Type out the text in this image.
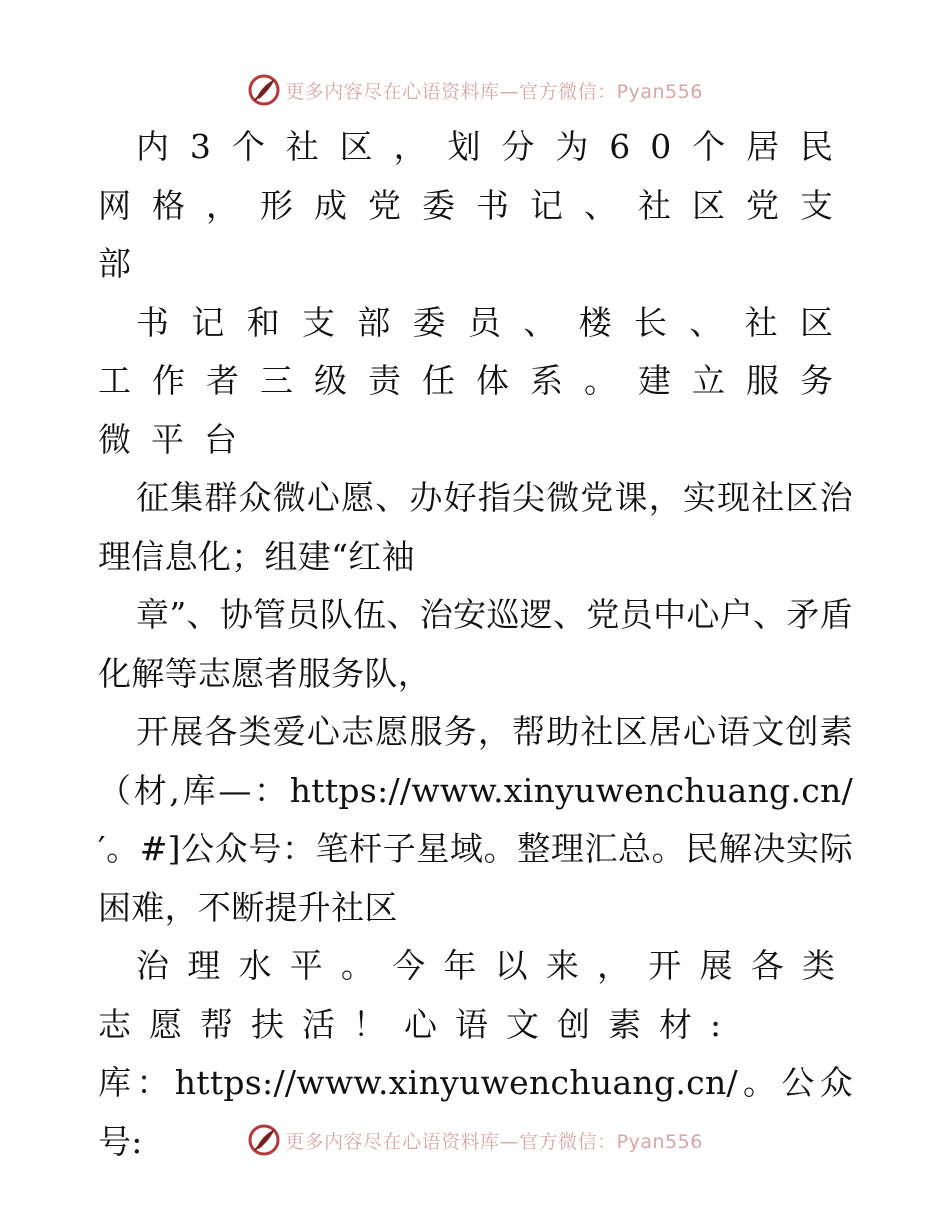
更多内容尽在心语资料库—官方微信：Pyan556

内3个社区，划分为60个居民网格，形成党委书记、社区党支部

书记和支部委员、楼长、社区工作者三级责任体系。建立服务微平台

征集群众微心愿、办好指尖微党课，实现社区治理信息化；组建“红袖

章”、协管员队伍、治安巡逻、党员中心户、矛盾化解等志愿者服务队，

开展各类爱心志愿服务，帮助社区居心语文创素（材,库—：https://www.xinyuwenchuang.cn/′。#]公众号：笔杆子星域。整理汇总。民解决实际困难，不断提升社区

治理水平。今年以来，开展各类志愿帮扶活！心语文创素材:

库：https://www.xinyuwenchuang.cn/。公众号:	更多内容尽在心语资料库—官方微信：Pyan556
